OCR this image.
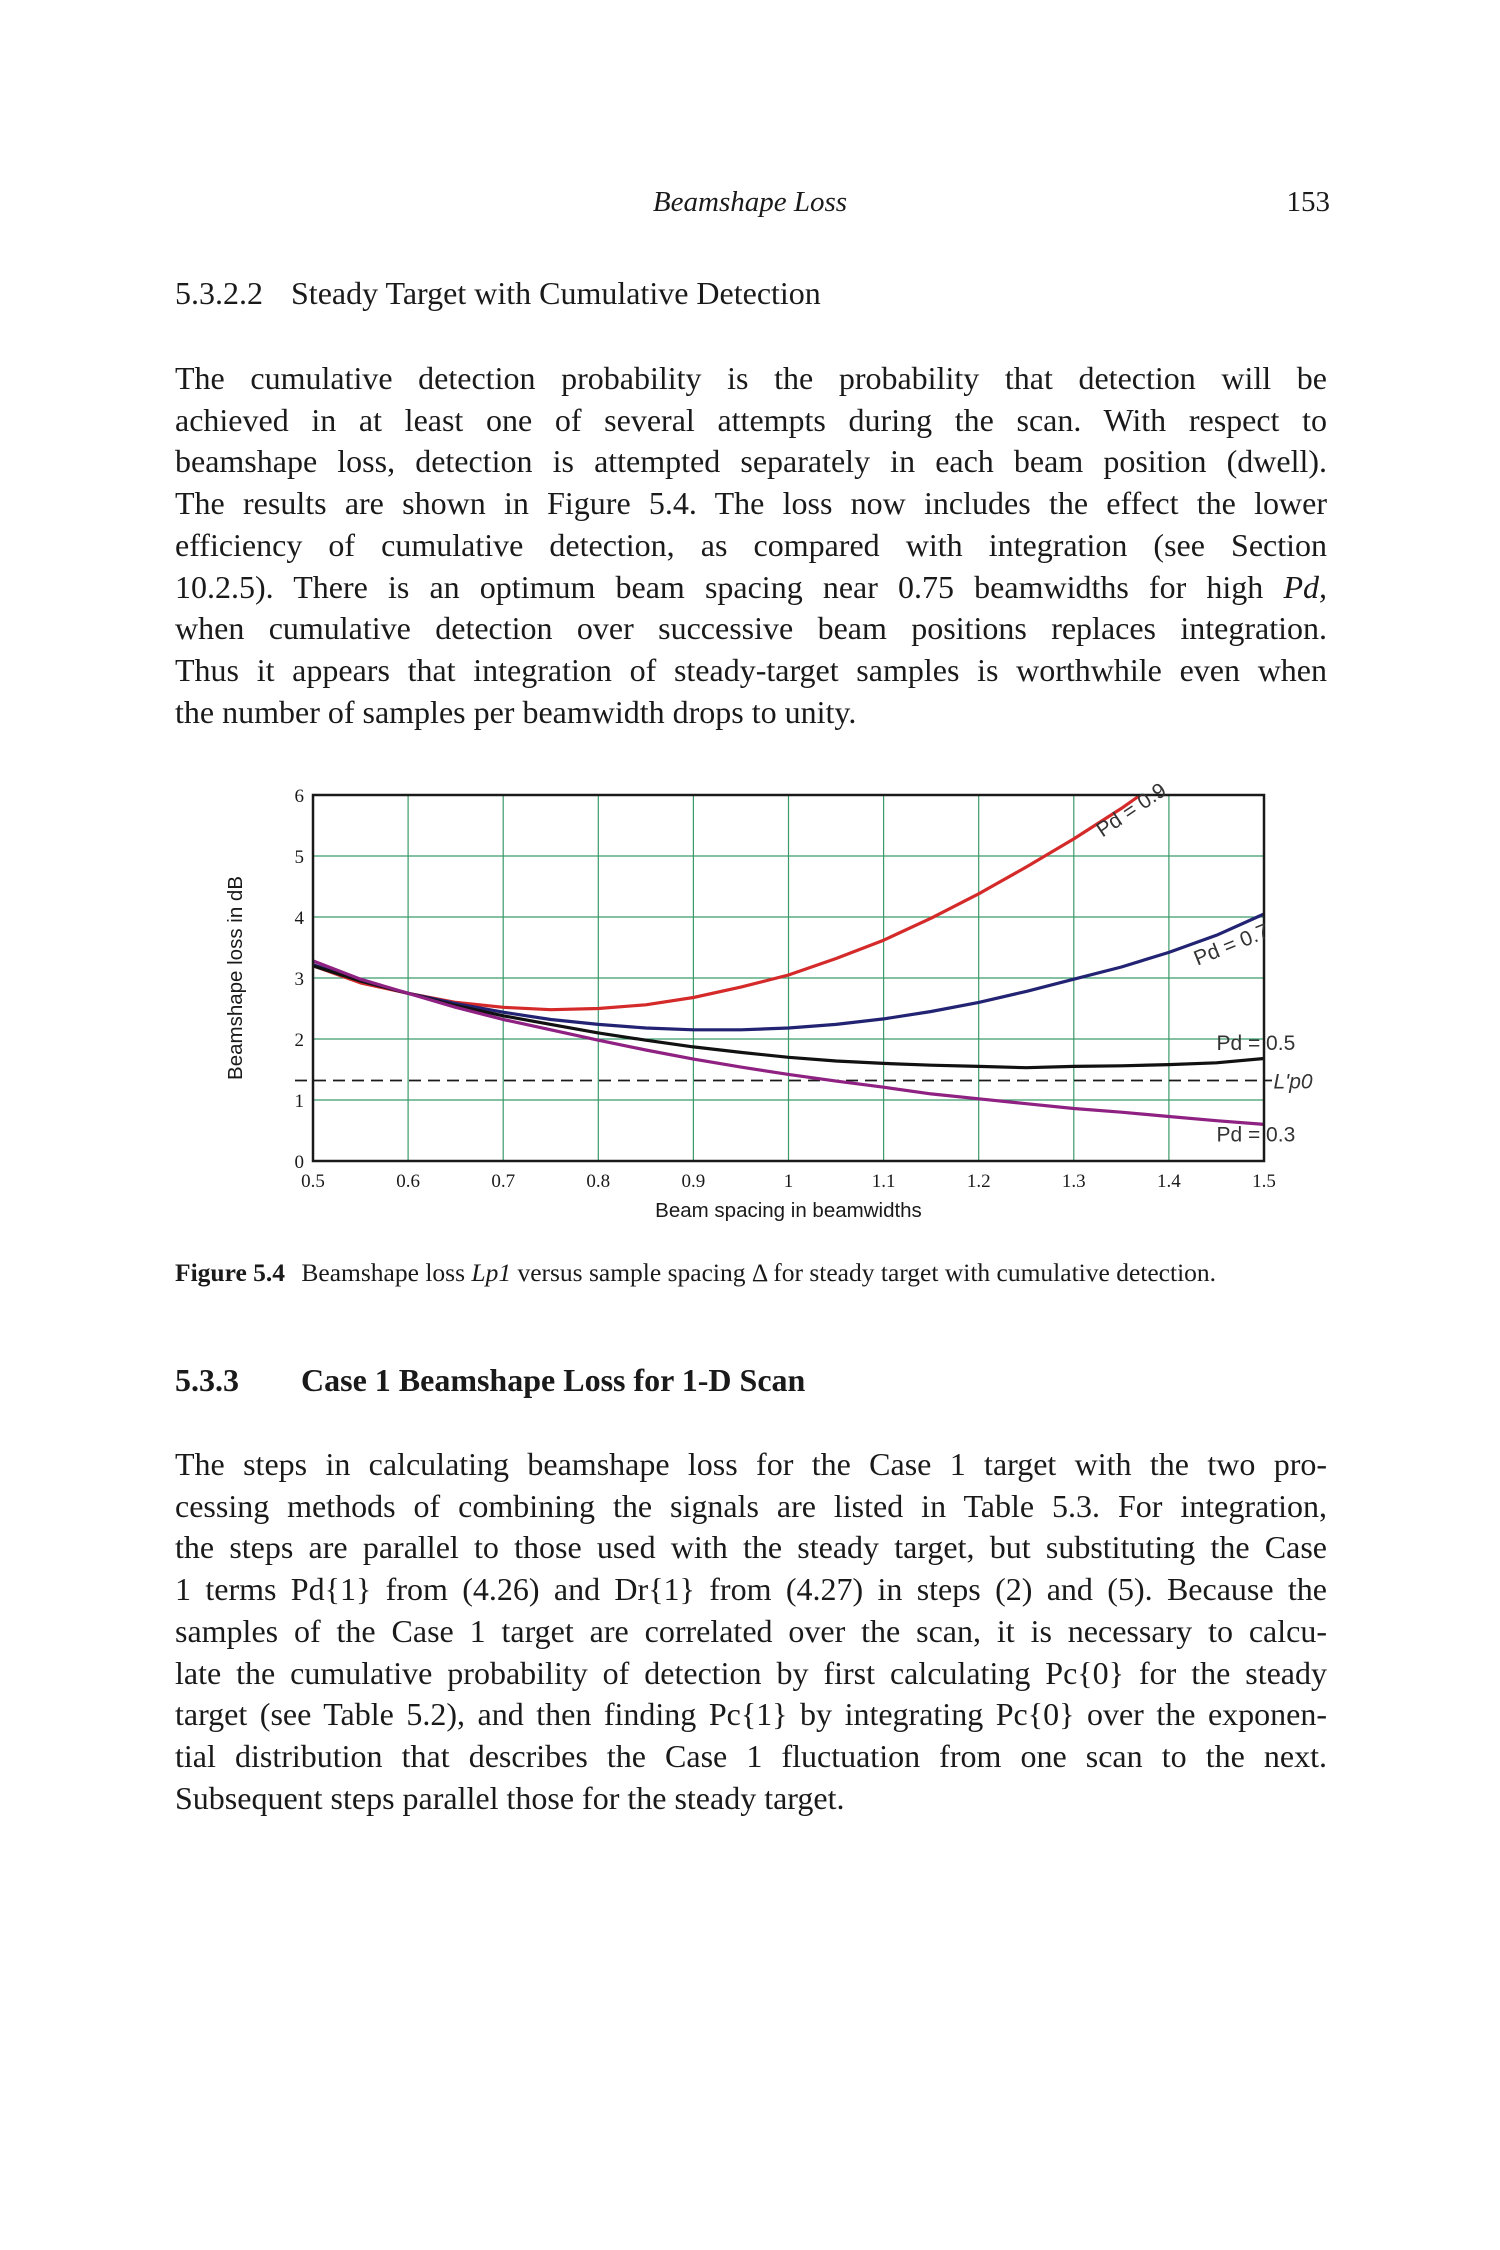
Beamshape Loss	153
5.3.2.2 Steady Target with Cumulative Detection

The cumulative detection probability is the probability that detection will be
achieved in at least one of several attempts during the scan. With respect to
beamshape loss, detection is attempted separately in each beam position (dwell).
The results are shown in Figure 5.4. The loss now includes the effect the lower
efficiency of cumulative detection, as compared with integration (see Section
10.2.5). There is an optimum beam spacing near 0.75 beamwidths for high Pd,
when cumulative detection over successive beam positions replaces integration.
Thus it appears that integration of steady-target samples is worthwhile even when
the number of samples per beamwidth drops to unity.

0.5	0.6	0.7	0.8	0.9	1	1.1	1.2	1.3	1.4	1.5
0
1
2
3
4
5
6
Beam spacing in beamwidths
Beamshape loss in dB
Pd = 0.9
Pd = 0.7
Pd = 0.5
Pd = 0.3
L'p0
Figure 5.4 Beamshape loss Lp1 versus sample spacing Δ for steady target with cumulative detection.
5.3.3 Case 1 Beamshape Loss for 1-D Scan

The steps in calculating beamshape loss for the Case 1 target with the two pro-
cessing methods of combining the signals are listed in Table 5.3. For integration,
the steps are parallel to those used with the steady target, but substituting the Case
1 terms Pd{1} from (4.26) and Dr{1} from (4.27) in steps (2) and (5). Because the
samples of the Case 1 target are correlated over the scan, it is necessary to calcu-
late the cumulative probability of detection by first calculating Pc{0} for the steady
target (see Table 5.2), and then finding Pc{1} by integrating Pc{0} over the exponen-
tial distribution that describes the Case 1 fluctuation from one scan to the next.
Subsequent steps parallel those for the steady target.
